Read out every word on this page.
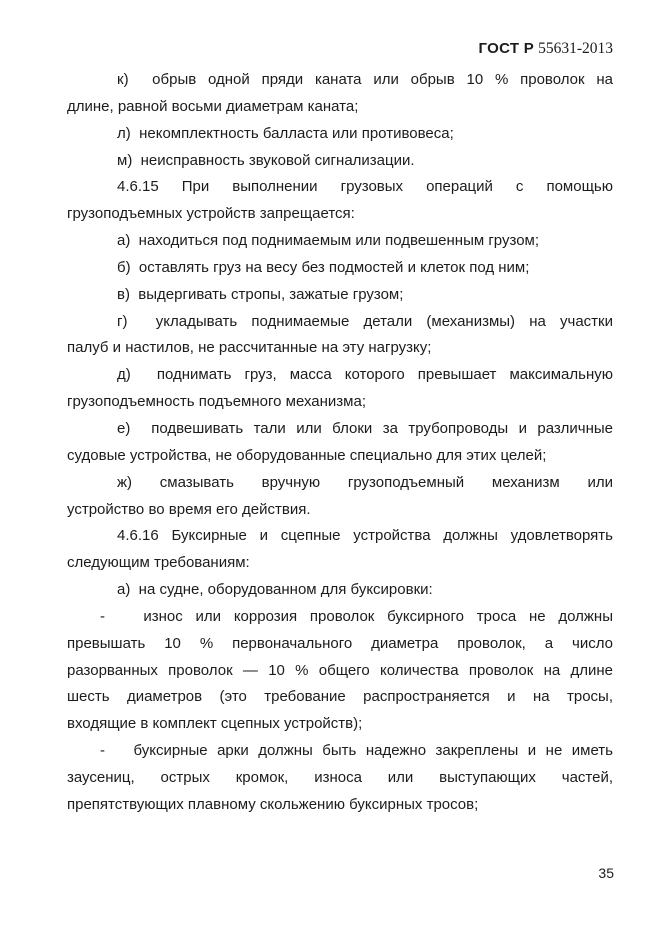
ГОСТ Р 55631-2013
к)  обрыв одной пряди каната или обрыв 10 % проволок на
длине, равной восьми диаметрам каната;
л)  некомплектность балласта или противовеса;
м)  неисправность звуковой сигнализации.
4.6.15 При выполнении грузовых операций с помощью
грузоподъемных устройств запрещается:
а)  находиться под поднимаемым или подвешенным грузом;
б)  оставлять груз на весу без подмостей и клеток под ним;
в)  выдергивать стропы, зажатые грузом;
г)  укладывать поднимаемые детали (механизмы) на участки
палуб и настилов, не рассчитанные на эту нагрузку;
д)  поднимать груз, масса которого превышает максимальную
грузоподъемность подъемного механизма;
е)  подвешивать тали или блоки за трубопроводы и различные
судовые устройства, не оборудованные специально для этих целей;
ж) смазывать вручную грузоподъемный механизм или
устройство во время его действия.
4.6.16 Буксирные и сцепные устройства должны удовлетворять
следующим требованиям:
а)  на судне, оборудованном для буксировки:
-   износ или коррозия проволок буксирного троса не должны
превышать 10 % первоначального диаметра проволок, а число
разорванных проволок — 10 % общего количества проволок на длине
шесть диаметров (это требование распространяется и на тросы,
входящие в комплект сцепных устройств);
-   буксирные арки должны быть надежно закреплены и не иметь
заусениц, острых кромок, износа или выступающих частей,
препятствующих плавному скольжению буксирных тросов;
35
